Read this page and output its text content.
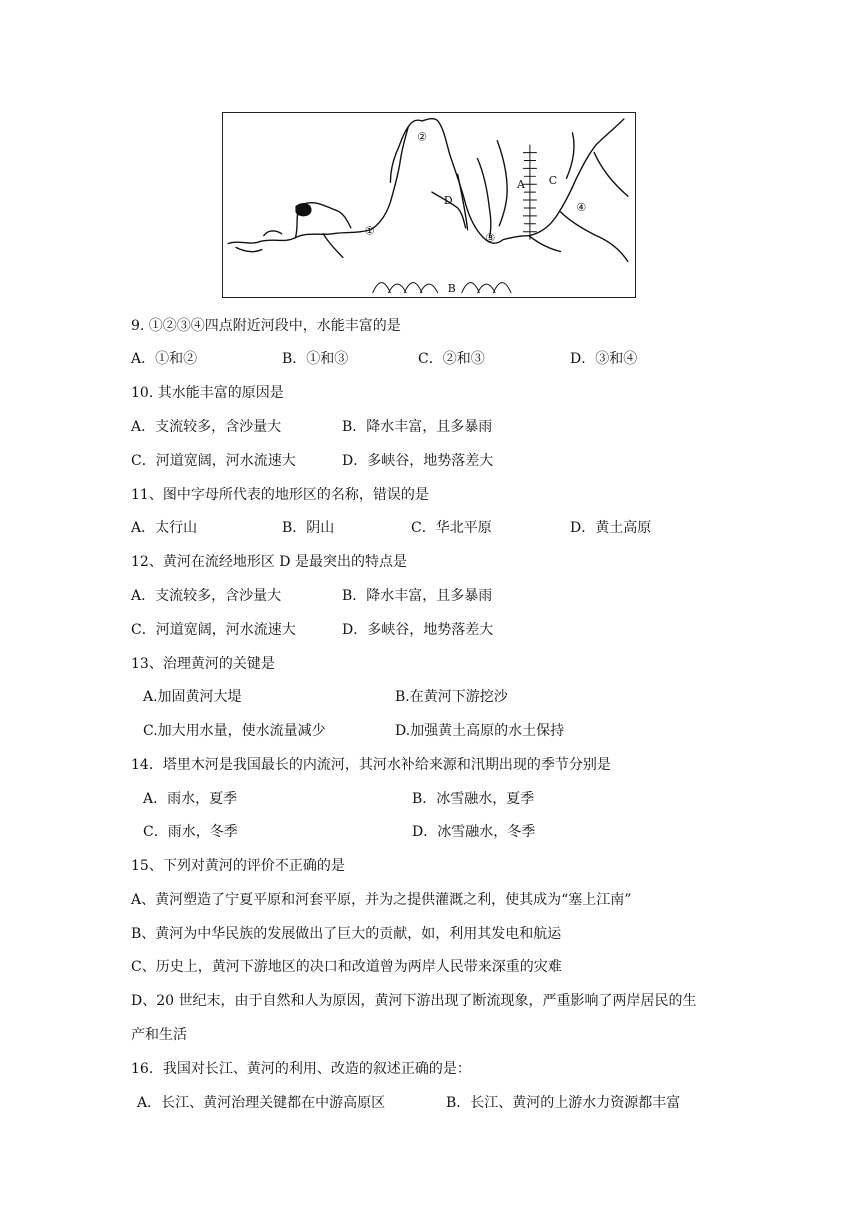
①
②
③
④
A
B
C
D
9. ①②③④四点附近河段中，水能丰富的是
A．①和②	B．①和③	C．②和③	D．③和④
10. 其水能丰富的原因是
A．支流较多，含沙量大	B．降水丰富，且多暴雨
C．河道宽阔，河水流速大	D．多峡谷，地势落差大
11、图中字母所代表的地形区的名称，错误的是
A．太行山	B．阴山	C．华北平原	D．黄土高原
12、黄河在流经地形区 D 是最突出的特点是
A．支流较多，含沙量大	B．降水丰富，且多暴雨
C．河道宽阔，河水流速大	D．多峡谷，地势落差大
13、治理黄河的关键是
A.加固黄河大堤	B.在黄河下游挖沙
C.加大用水量，使水流量减少	D.加强黄土高原的水土保持
14．塔里木河是我国最长的内流河，其河水补给来源和汛期出现的季节分别是
A．雨水，夏季	B．冰雪融水，夏季
C．雨水，冬季	D．冰雪融水，冬季
15、下列对黄河的评价不正确的是
A、黄河塑造了宁夏平原和河套平原，并为之提供灌溉之利，使其成为“塞上江南”
B、黄河为中华民族的发展做出了巨大的贡献，如，利用其发电和航运
C、历史上，黄河下游地区的决口和改道曾为两岸人民带来深重的灾难
D、20 世纪末，由于自然和人为原因，黄河下游出现了断流现象，严重影响了两岸居民的生
产和生活
16．我国对长江、黄河的利用、改造的叙述正确的是：
A．长江、黄河治理关键都在中游高原区	B．长江、黄河的上游水力资源都丰富
